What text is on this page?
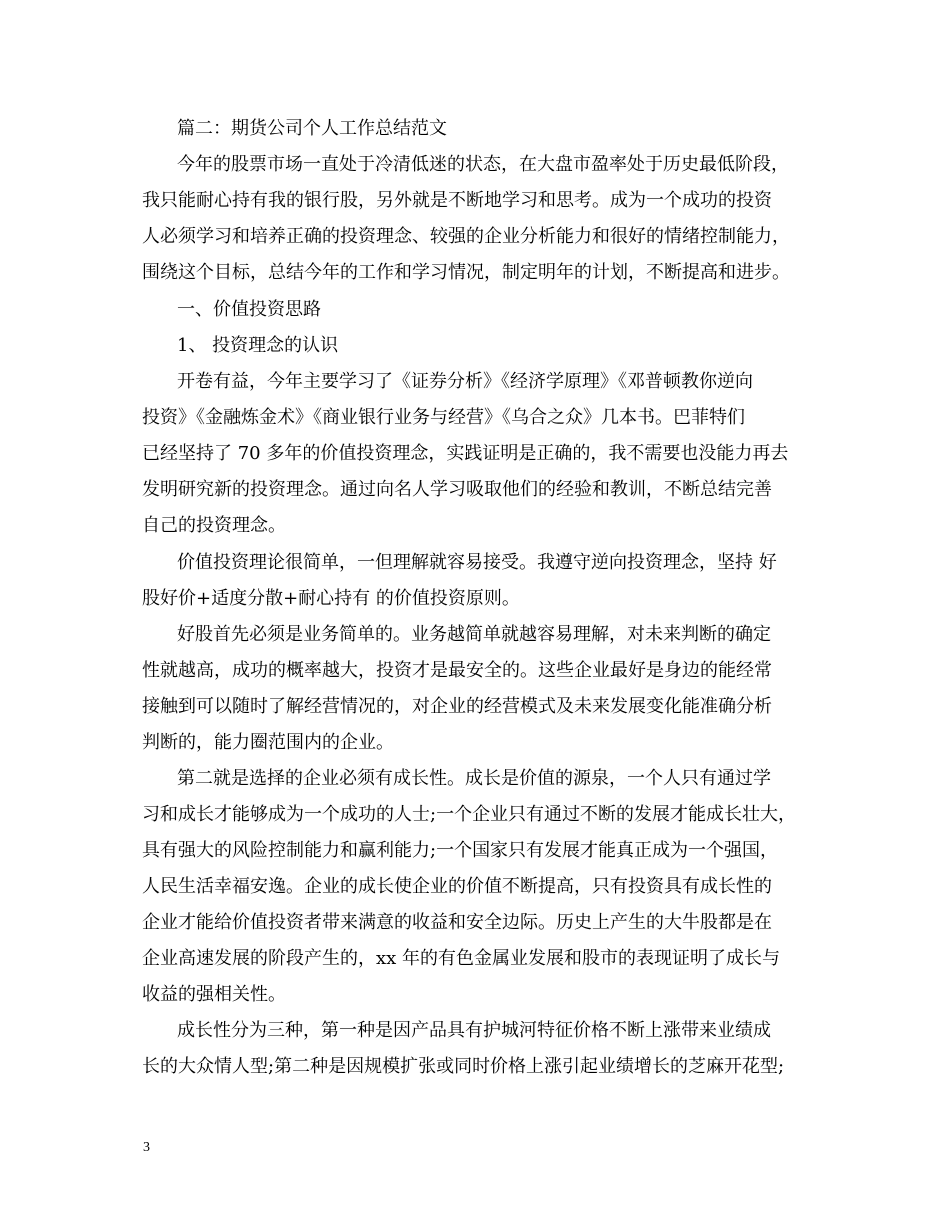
篇二：期货公司个人工作总结范文
今年的股票市场一直处于冷清低迷的状态，在大盘市盈率处于历史最低阶段，
我只能耐心持有我的银行股，另外就是不断地学习和思考。成为一个成功的投资
人必须学习和培养正确的投资理念、较强的企业分析能力和很好的情绪控制能力，
围绕这个目标，总结今年的工作和学习情况，制定明年的计划，不断提高和进步。
一、价值投资思路
1、 投资理念的认识
开卷有益，今年主要学习了《证券分析》《经济学原理》《邓普顿教你逆向
投资》《金融炼金术》《商业银行业务与经营》《乌合之众》几本书。巴菲特们
已经坚持了 70 多年的价值投资理念，实践证明是正确的，我不需要也没能力再去
发明研究新的投资理念。通过向名人学习吸取他们的经验和教训，不断总结完善
自己的投资理念。
价值投资理论很简单，一但理解就容易接受。我遵守逆向投资理念，坚持 好
股好价+适度分散+耐心持有 的价值投资原则。
好股首先必须是业务简单的。业务越简单就越容易理解，对未来判断的确定
性就越高，成功的概率越大，投资才是最安全的。这些企业最好是身边的能经常
接触到可以随时了解经营情况的，对企业的经营模式及未来发展变化能准确分析
判断的，能力圈范围内的企业。
第二就是选择的企业必须有成长性。成长是价值的源泉，一个人只有通过学
习和成长才能够成为一个成功的人士;一个企业只有通过不断的发展才能成长壮大，
具有强大的风险控制能力和赢利能力;一个国家只有发展才能真正成为一个强国，
人民生活幸福安逸。企业的成长使企业的价值不断提高，只有投资具有成长性的
企业才能给价值投资者带来满意的收益和安全边际。历史上产生的大牛股都是在
企业高速发展的阶段产生的，xx 年的有色金属业发展和股市的表现证明了成长与
收益的强相关性。
成长性分为三种，第一种是因产品具有护城河特征价格不断上涨带来业绩成
长的大众情人型;第二种是因规模扩张或同时价格上涨引起业绩增长的芝麻开花型;
3
